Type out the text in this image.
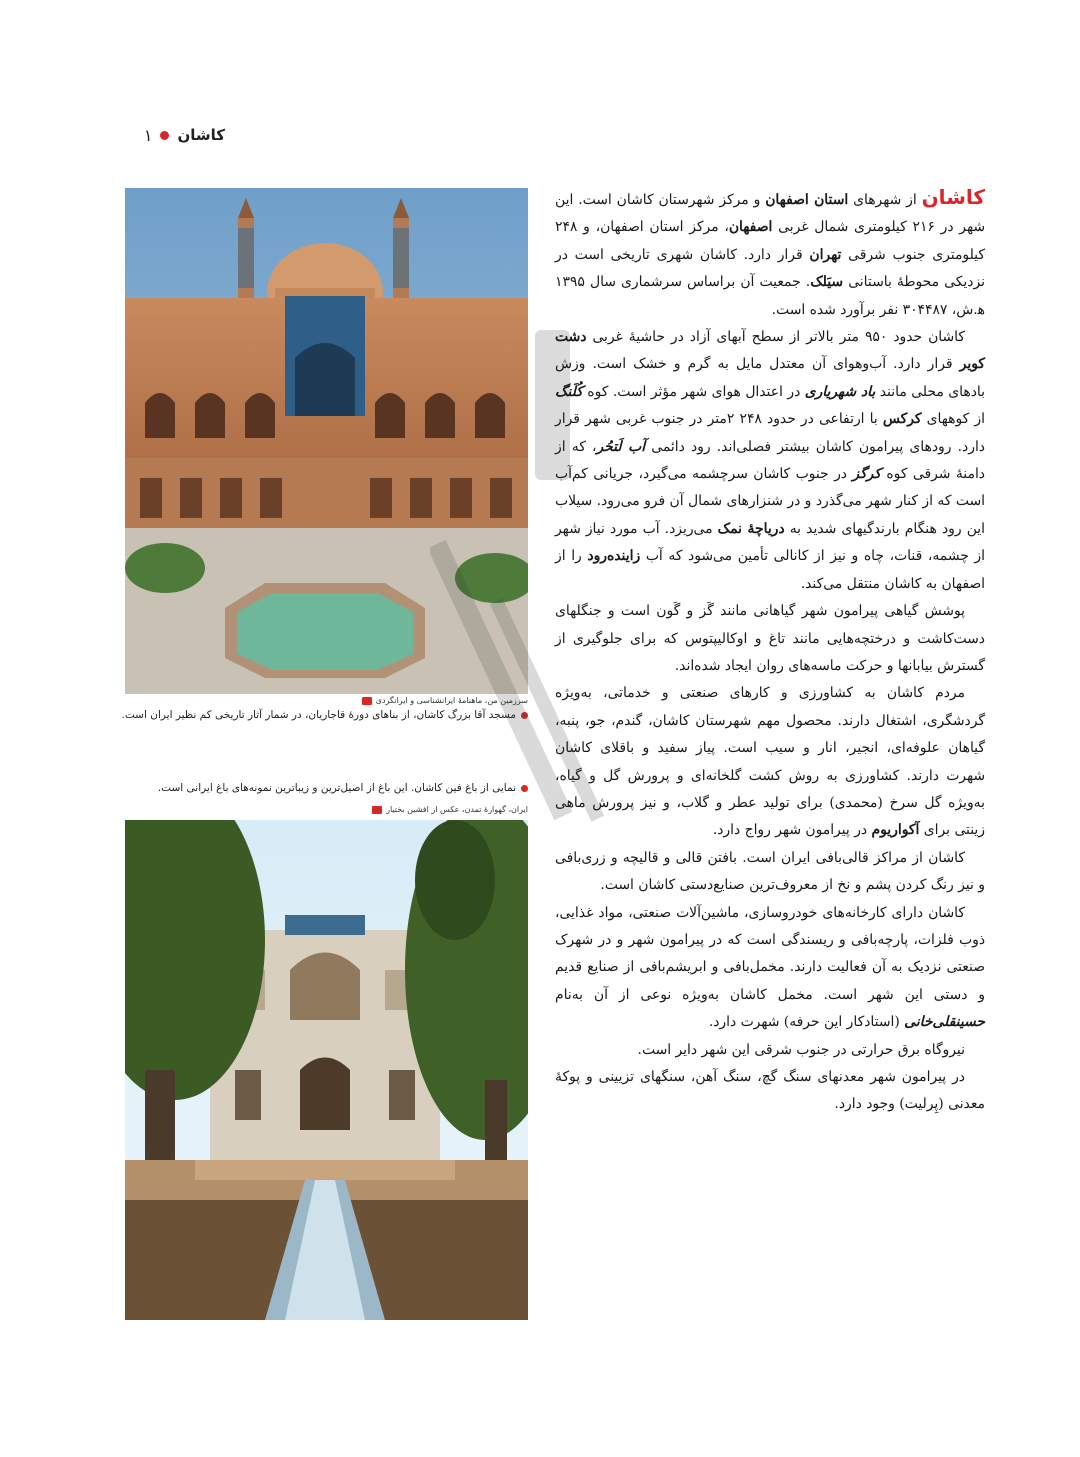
کاشان
۱
سرزمین من، ماهنامهٔ ایرانشناسی و ایرانگردی
مسجد آقا بزرگ کاشان، از بناهای دورهٔ قاجاریان، در شمار آثار تاریخی کم نظیر ایران است.
نمایی از باغ فین کاشان. این باغ از اصیل‌ترین و زیباترین نمونه‌های باغ ایرانی است.
ایران، گهوارهٔ تمدن، عکس از افشین بختیار

کاشان از شهرهای استان اصفهان و مرکز شهرستان کاشان است. این شهر در ۲۱۶ کیلومتری شمال غربی اصفهان، مرکز استان اصفهان، و ۲۴۸ کیلومتری جنوب شرقی تهران قرار دارد. کاشان شهری تاریخی است در نزدیکی محوطهٔ باستانی سیَلک. جمعیت آن براساس سرشماری سال ۱۳۹۵ ه‍.ش، ۳۰۴۴۸۷ نفر برآورد شده است.

کاشان حدود ۹۵۰ متر بالاتر از سطح آبهای آزاد در حاشیهٔ غربی دشت کویر قرار دارد. آب‌وهوای آن معتدل مایل به گرم و خشک است. وزش بادهای محلی مانند باد شهریاری در اعتدال هوای شهر مؤثر است. کوه کُلَنگ از کوههای کرکس با ارتفاعی در حدود ۲۴۸ ۲متر در جنوب غربی شهر قرار دارد. رودهای پیرامون کاشان بیشتر فصلی‌اند. رود دائمی آب لَتحُر، که از دامنهٔ شرقی کوه کرگز در جنوب کاشان سرچشمه می‌گیرد، جریانی کم‌آب است که از کنار شهر می‌گذرد و در شنزارهای شمال آن فرو می‌رود. سیلاب این رود هنگام بارندگیهای شدید به دریاچهٔ نمک می‌ریزد. آب مورد نیاز شهر از چشمه، قنات، چاه و نیز از کانالی تأمین می‌شود که آب زاینده‌رود را از اصفهان به کاشان منتقل می‌کند.

پوشش گیاهی پیرامون شهر گیاهانی مانند گَز و گَون است و جنگلهای دست‌کاشت و درختچه‌هایی مانند تاغ و اوکالیپتوس که برای جلوگیری از گسترش بیابانها و حرکت ماسه‌های روان ایجاد شده‌اند.

مردم کاشان به کشاورزی و کارهای صنعتی و خدماتی، به‌ویژه گردشگری، اشتغال دارند. محصول مهم شهرستان کاشان، گندم، جو، پنبه، گیاهان علوفه‌ای، انجیر، انار و سیب است. پیاز سفید و باقلای کاشان شهرت دارند. کشاورزی به روش کشت گلخانه‌ای و پرورش گل و گیاه، به‌ویژه گل سرخ (محمدی) برای تولید عطر و گلاب، و نیز پرورش ماهی زینتی برای آکواریوم در پیرامون شهر رواج دارد.

کاشان از مراکز قالی‌بافی ایران است. بافتن قالی و قالیچه و زری‌بافی و نیز رنگ کردن پشم و نخ از معروف‌ترین صنایع‌دستی کاشان است.

کاشان دارای کارخانه‌های خودروسازی، ماشین‌آلات صنعتی، مواد غذایی، ذوب فلزات، پارچه‌بافی و ریسندگی است که در پیرامون شهر و در شهرک صنعتی نزدیک به آن فعالیت دارند. مخمل‌بافی و ابریشم‌بافی از صنایع قدیم و دستی این شهر است. مخمل کاشان به‌ویژه نوعی از آن به‌نام حسینقلی‌خانی (استادکار این حرفه) شهرت دارد.

نیروگاه برق حرارتی در جنوب شرقی این شهر دایر است.

در پیرامون شهر معدنهای سنگ گچ، سنگ آهن، سنگهای تزیینی و پوکهٔ معدنی (پِرلیت) وجود دارد.
